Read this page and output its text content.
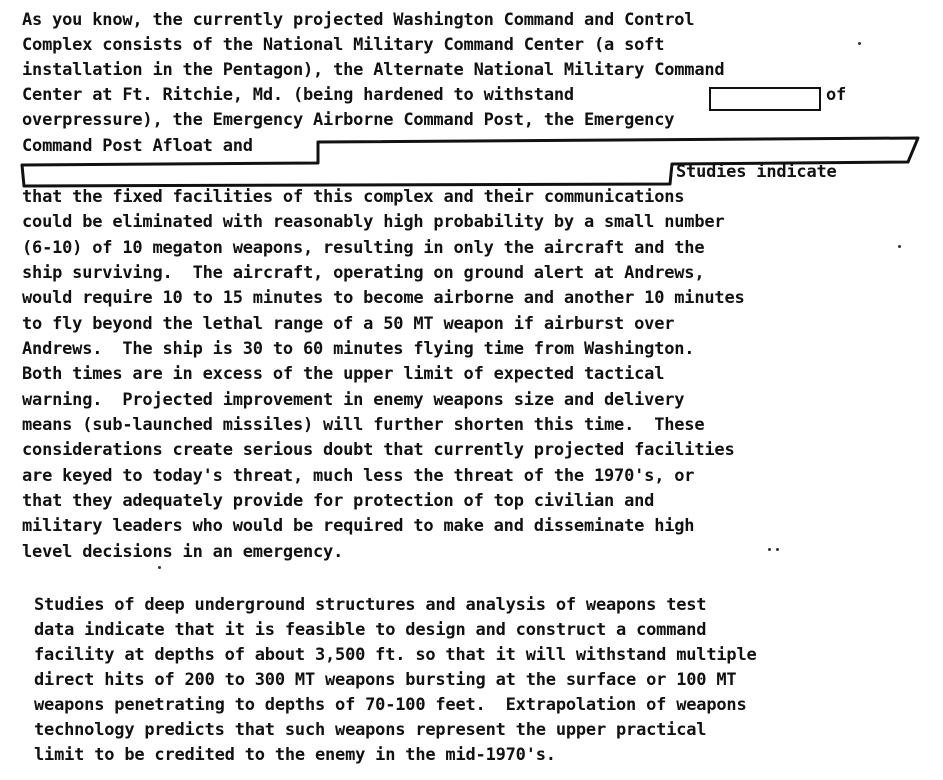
As you know, the currently projected Washington Command and Control
Complex consists of the National Military Command Center (a soft
installation in the Pentagon), the Alternate National Military Command
Center at Ft. Ritchie, Md. (being hardened to withstand	of
overpressure), the Emergency Airborne Command Post, the Emergency
Command Post Afloat and
Studies indicate
that the fixed facilities of this complex and their communications
could be eliminated with reasonably high probability by a small number
(6-10) of 10 megaton weapons, resulting in only the aircraft and the
ship surviving.  The aircraft, operating on ground alert at Andrews,
would require 10 to 15 minutes to become airborne and another 10 minutes
to fly beyond the lethal range of a 50 MT weapon if airburst over
Andrews.  The ship is 30 to 60 minutes flying time from Washington.
Both times are in excess of the upper limit of expected tactical
warning.  Projected improvement in enemy weapons size and delivery
means (sub-launched missiles) will further shorten this time.  These
considerations create serious doubt that currently projected facilities
are keyed to today's threat, much less the threat of the 1970's, or
that they adequately provide for protection of top civilian and
military leaders who would be required to make and disseminate high
level decisions in an emergency.
Studies of deep underground structures and analysis of weapons test
data indicate that it is feasible to design and construct a command
facility at depths of about 3,500 ft. so that it will withstand multiple
direct hits of 200 to 300 MT weapons bursting at the surface or 100 MT
weapons penetrating to depths of 70-100 feet.  Extrapolation of weapons
technology predicts that such weapons represent the upper practical
limit to be credited to the enemy in the mid-1970's.
